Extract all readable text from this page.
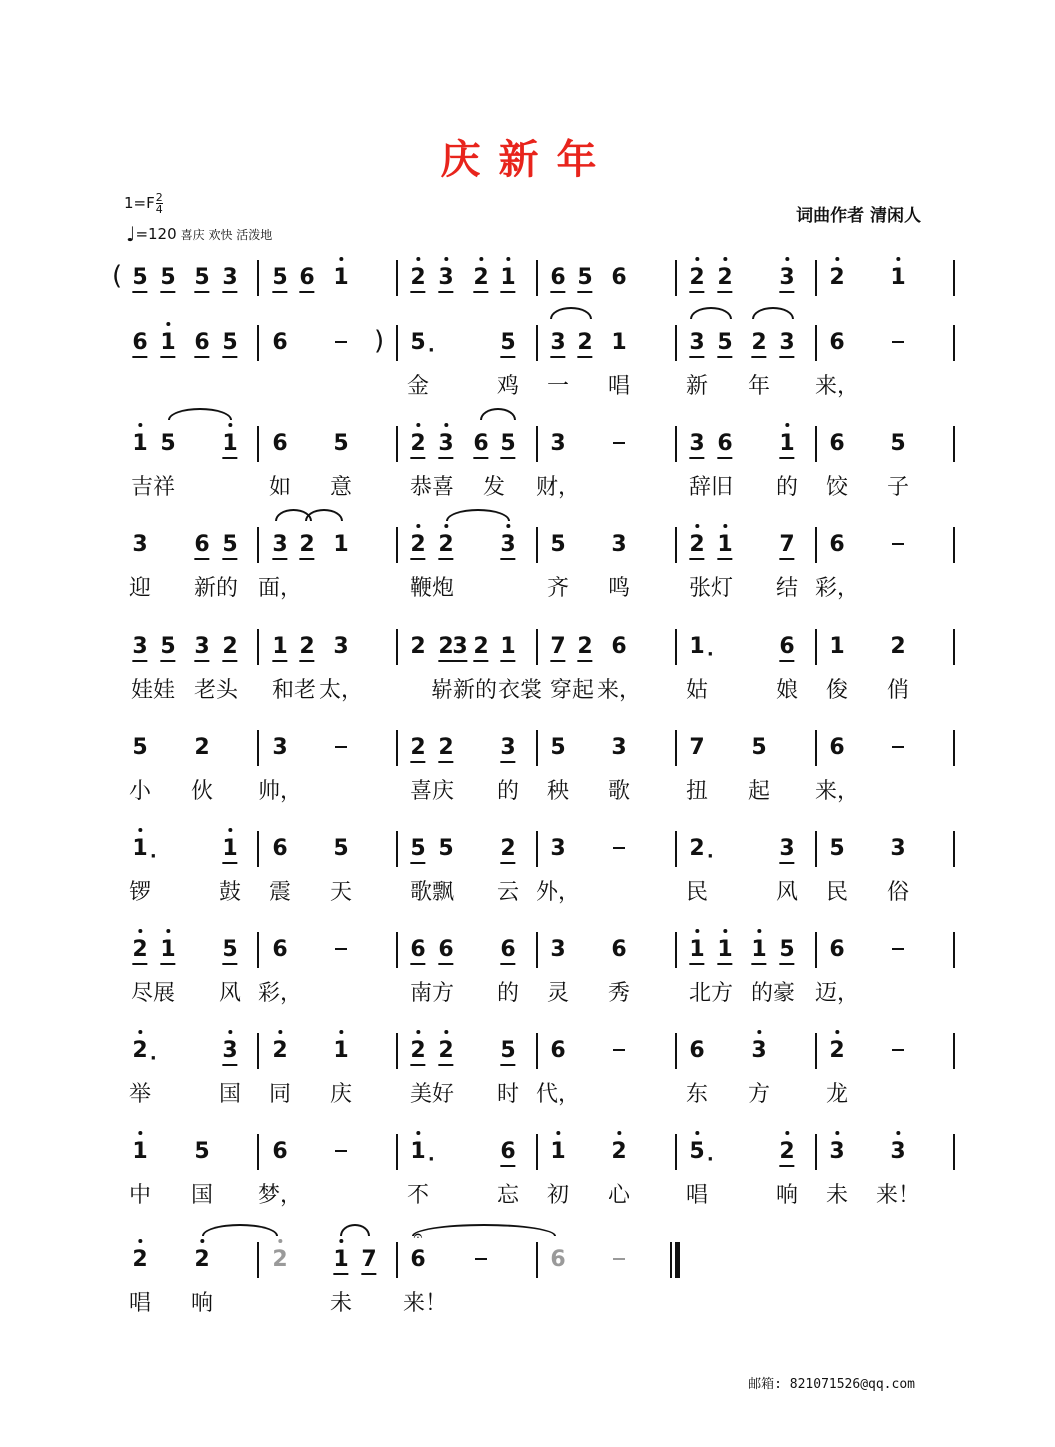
庆新年
$1=F \frac{2}{4}$
♩=120 喜庆 欢快 活泼地
词曲作者 清闲人
( 5 5 5 3 5 6 1	2 3 2 1 6 5 6	2 2 3 2 1
)
6 1 6 5 6	5 ·	5 3 2 1	3 5 2 3 6
金	鸡 一 唱	新 年 来，
1 5 1 6 5	2 3 6 5 3	3 6 1 6 5
吉祥	如 意	恭喜 发 财，	辞旧 的 饺 子
3 6 5 3 2 1	2 2 3 5 3	2 1 7 6
迎 新的 面，	鞭炮	齐 鸣	张灯 结 彩，
3 5 3 2 1 2 3	2 2
3 2 1 7 2 6	1 ·	6 1 2
娃娃 老头 和老 太，	崭新的 衣裳 穿起 来， 姑	娘 俊 俏
5 2	3	2 2 3 5 3	7 5	6
小 伙 帅，	喜庆 的 秧 歌	扭 起 来，
1 ·	1 6 5	5 5 2 3	2 ·	3 5 3
锣	鼓 震 天	歌飘 云 外，	民	风 民 俗
2 1 5 6	6 6 6 3 6	1 1 1 5 6
尽展 风 彩，	南方 的 灵 秀	北方 的豪 迈，
2 ·	3 2 1	2 2 5 6	6 3	2
举	国 同 庆	美好 时 代，	东 方	龙
1 5	6	1 ·	6 1 2	5 ·	2 3 3
中 国 梦，	不	忘 初 心	唱	响 未 来！
2 2	2 1 7 6	6
𝄐
唱 响	未 来！
邮箱: 821071526@qq.com
